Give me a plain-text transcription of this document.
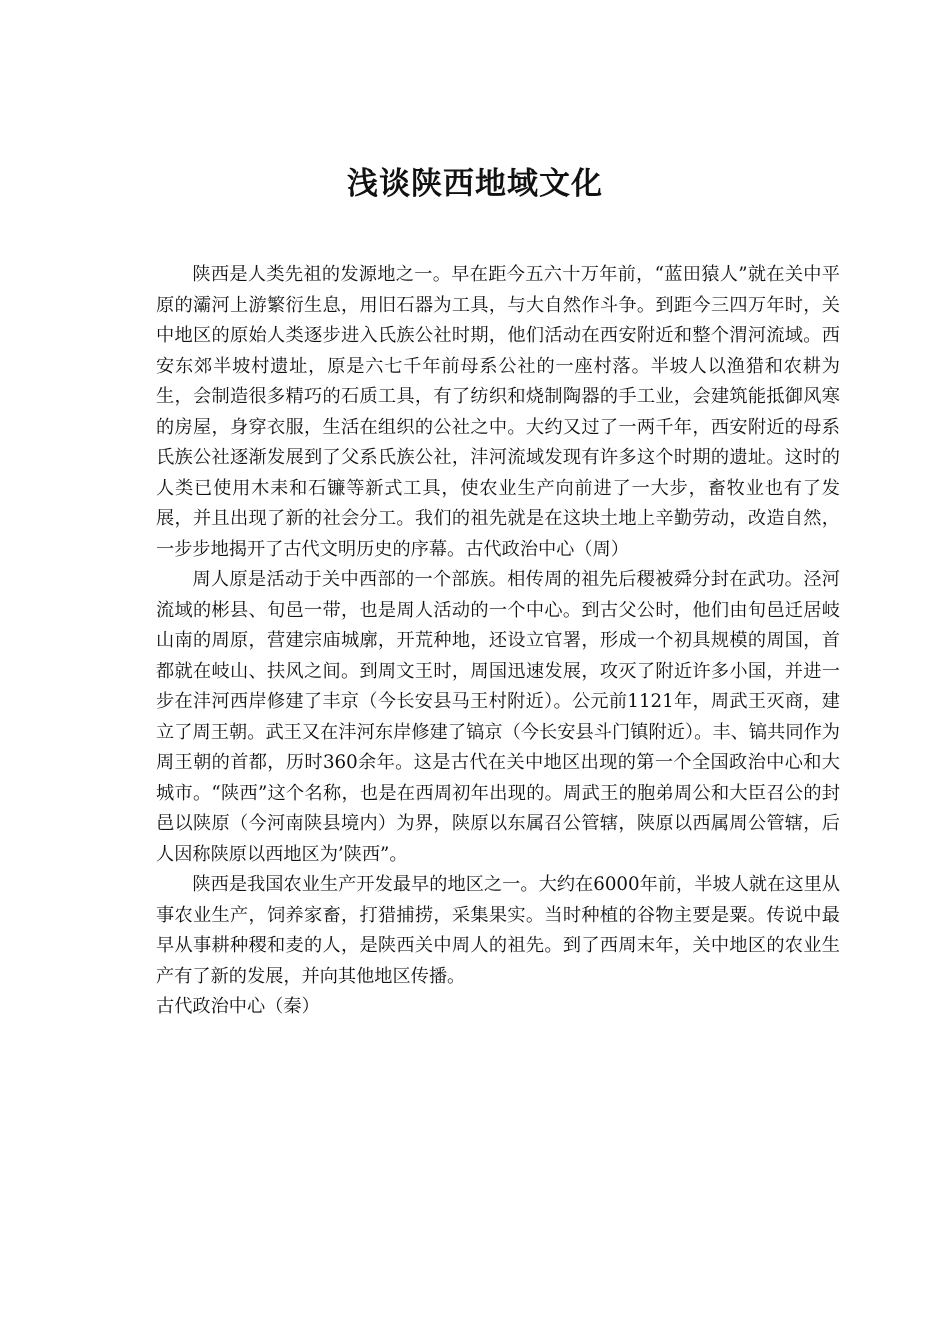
浅谈陕西地域文化

陕西是人类先祖的发源地之一。早在距今五六十万年前，“蓝田猿人”就在关中平原的灞河上游繁衍生息，用旧石器为工具，与大自然作斗争。到距今三四万年时，关中地区的原始人类逐步进入氏族公社时期，他们活动在西安附近和整个渭河流域。西安东郊半坡村遗址，原是六七千年前母系公社的一座村落。半坡人以渔猎和农耕为生，会制造很多精巧的石质工具，有了纺织和烧制陶器的手工业，会建筑能抵御风寒的房屋，身穿衣服，生活在组织的公社之中。大约又过了一两千年，西安附近的母系氏族公社逐渐发展到了父系氏族公社，沣河流域发现有许多这个时期的遗址。这时的人类已使用木耒和石镰等新式工具，使农业生产向前进了一大步，畜牧业也有了发展，并且出现了新的社会分工。我们的祖先就是在这块土地上辛勤劳动，改造自然，一步步地揭开了古代文明历史的序幕。古代政治中心（周）

周人原是活动于关中西部的一个部族。相传周的祖先后稷被舜分封在武功。泾河流域的彬县、旬邑一带，也是周人活动的一个中心。到古父公时，他们由旬邑迁居岐山南的周原，营建宗庙城廓，开荒种地，还设立官署，形成一个初具规模的周国，首都就在岐山、扶风之间。到周文王时，周国迅速发展，攻灭了附近许多小国，并进一步在沣河西岸修建了丰京（今长安县马王村附近）。公元前1121年，周武王灭商，建立了周王朝。武王又在沣河东岸修建了镐京（今长安县斗门镇附近）。丰、镐共同作为周王朝的首都，历时360余年。这是古代在关中地区出现的第一个全国政治中心和大城市。“陕西”这个名称，也是在西周初年出现的。周武王的胞弟周公和大臣召公的封邑以陕原（今河南陕县境内）为界，陕原以东属召公管辖，陕原以西属周公管辖，后人因称陕原以西地区为’陕西”。

陕西是我国农业生产开发最早的地区之一。大约在6000年前，半坡人就在这里从事农业生产，饲养家畜，打猎捕捞，采集果实。当时种植的谷物主要是粟。传说中最早从事耕种稷和麦的人，是陕西关中周人的祖先。到了西周末年，关中地区的农业生产有了新的发展，并向其他地区传播。

古代政治中心（秦）
